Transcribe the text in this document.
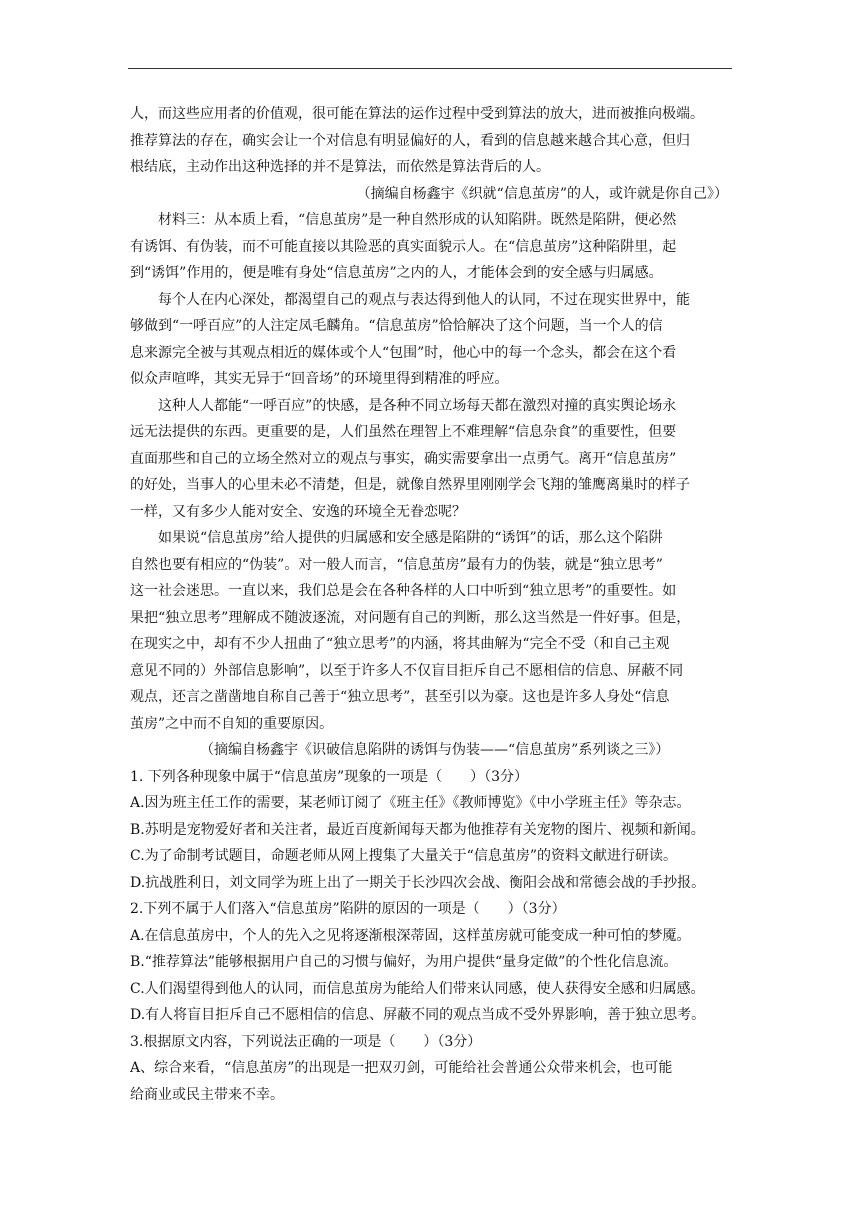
人，而这些应用者的价值观，很可能在算法的运作过程中受到算法的放大，进而被推向极端。
推荐算法的存在，确实会让一个对信息有明显偏好的人，看到的信息越来越合其心意，但归
根结底，主动作出这种选择的并不是算法，而依然是算法背后的人。
（摘编自杨鑫宇《织就“信息茧房”的人，或许就是你自己》）
材料三：从本质上看，“信息茧房”是一种自然形成的认知陷阱。既然是陷阱，便必然
有诱饵、有伪装，而不可能直接以其险恶的真实面貌示人。在“信息茧房”这种陷阱里，起
到“诱饵”作用的，便是唯有身处“信息茧房”之内的人，才能体会到的安全感与归属感。
每个人在内心深处，都渴望自己的观点与表达得到他人的认同，不过在现实世界中，能
够做到“一呼百应”的人注定凤毛麟角。“信息茧房”恰恰解决了这个问题，当一个人的信
息来源完全被与其观点相近的媒体或个人“包围”时，他心中的每一个念头，都会在这个看
似众声喧哗，其实无异于“回音场”的环境里得到精准的呼应。
这种人人都能“一呼百应”的快感，是各种不同立场每天都在激烈对撞的真实舆论场永
远无法提供的东西。更重要的是，人们虽然在理智上不难理解“信息杂食”的重要性，但要
直面那些和自己的立场全然对立的观点与事实，确实需要拿出一点勇气。离开“信息茧房”
的好处，当事人的心里未必不清楚，但是，就像自然界里刚刚学会飞翔的雏鹰离巢时的样子
一样，又有多少人能对安全、安逸的环境全无眷恋呢？
如果说“信息茧房”给人提供的归属感和安全感是陷阱的“诱饵”的话，那么这个陷阱
自然也要有相应的“伪装”。对一般人而言，“信息茧房”最有力的伪装，就是“独立思考”
这一社会迷思。一直以来，我们总是会在各种各样的人口中听到“独立思考”的重要性。如
果把“独立思考”理解成不随波逐流，对问题有自己的判断，那么这当然是一件好事。但是，
在现实之中，却有不少人扭曲了“独立思考”的内涵，将其曲解为“完全不受（和自己主观
意见不同的）外部信息影响”，以至于许多人不仅盲目拒斥自己不愿相信的信息、屏蔽不同
观点，还言之凿凿地自称自己善于“独立思考”，甚至引以为豪。这也是许多人身处“信息
茧房”之中而不自知的重要原因。
（摘编自杨鑫宇《识破信息陷阱的诱饵与伪装——“信息茧房”系列谈之三》）
1. 下列各种现象中属于“信息茧房”现象的一项是（　　）（3分）
A.因为班主任工作的需要，某老师订阅了《班主任》《教师博览》《中小学班主任》等杂志。
B.苏明是宠物爱好者和关注者，最近百度新闻每天都为他推荐有关宠物的图片、视频和新闻。
C.为了命制考试题目，命题老师从网上搜集了大量关于“信息茧房”的资料文献进行研读。
D.抗战胜利日，刘文同学为班上出了一期关于长沙四次会战、衡阳会战和常德会战的手抄报。
2.下列不属于人们落入“信息茧房”陷阱的原因的一项是（　　）（3分）
A.在信息茧房中，个人的先入之见将逐渐根深蒂固，这样茧房就可能变成一种可怕的梦魇。
B.“推荐算法”能够根据用户自己的习惯与偏好，为用户提供“量身定做”的个性化信息流。
C.人们渴望得到他人的认同，而信息茧房为能给人们带来认同感，使人获得安全感和归属感。
D.有人将盲目拒斥自己不愿相信的信息、屏蔽不同的观点当成不受外界影响，善于独立思考。
3.根据原文内容，下列说法正确的一项是（　　）（3分）
A、综合来看，“信息茧房”的出现是一把双刃剑，可能给社会普通公众带来机会，也可能
给商业或民主带来不幸。
